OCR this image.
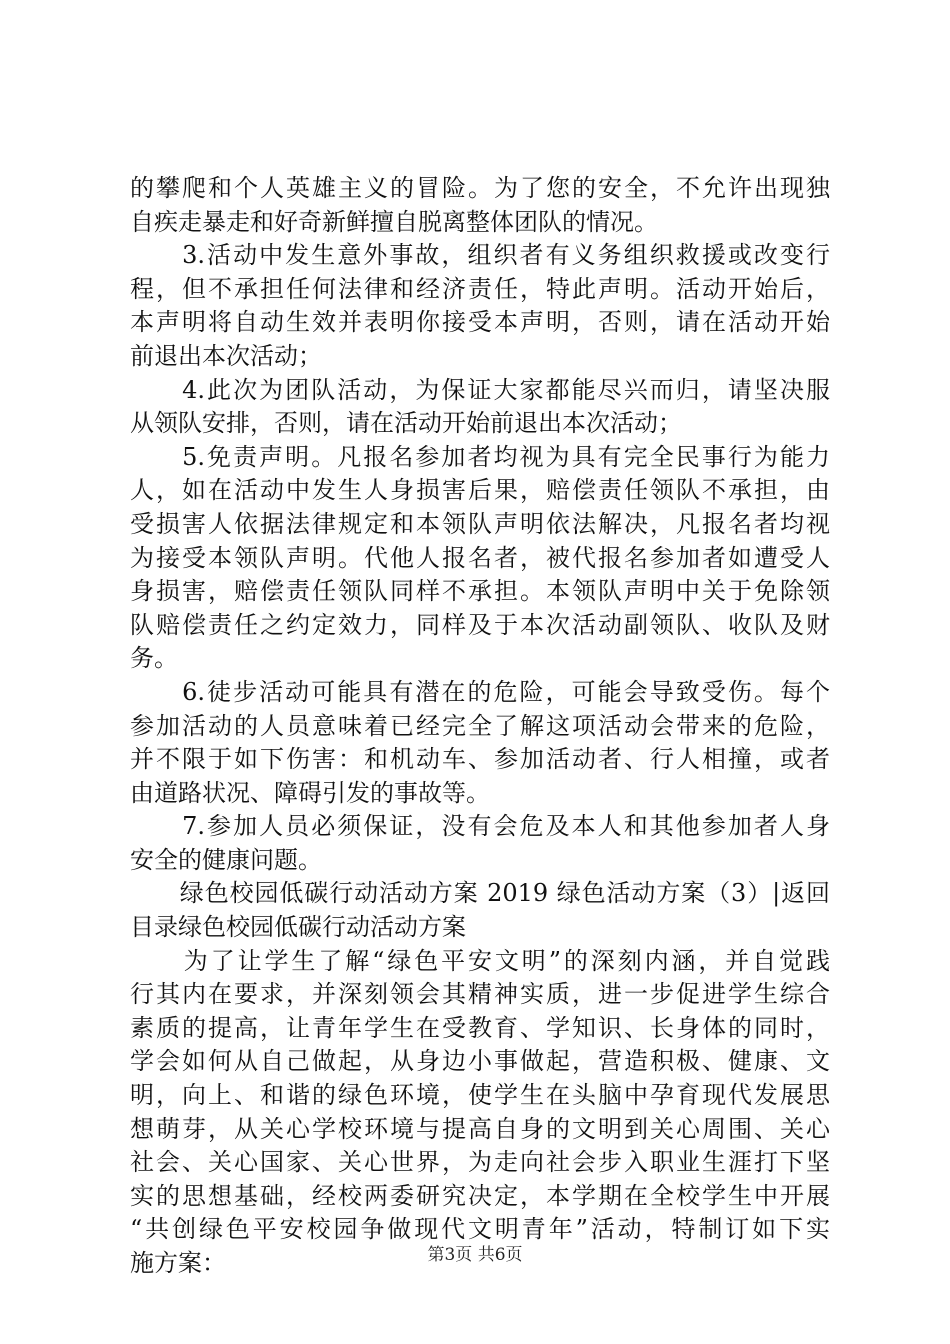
的攀爬和个人英雄主义的冒险。为了您的安全，不允许出现独
自疾走暴走和好奇新鲜擅自脱离整体团队的情况。
　　3.活动中发生意外事故，组织者有义务组织救援或改变行
程，但不承担任何法律和经济责任，特此声明。活动开始后，
本声明将自动生效并表明你接受本声明，否则，请在活动开始
前退出本次活动；
　　4.此次为团队活动，为保证大家都能尽兴而归，请坚决服
从领队安排，否则，请在活动开始前退出本次活动；
　　5.免责声明。凡报名参加者均视为具有完全民事行为能力
人，如在活动中发生人身损害后果，赔偿责任领队不承担，由
受损害人依据法律规定和本领队声明依法解决，凡报名者均视
为接受本领队声明。代他人报名者，被代报名参加者如遭受人
身损害，赔偿责任领队同样不承担。本领队声明中关于免除领
队赔偿责任之约定效力，同样及于本次活动副领队、收队及财
务。
　　6.徒步活动可能具有潜在的危险，可能会导致受伤。每个
参加活动的人员意味着已经完全了解这项活动会带来的危险，
并不限于如下伤害：和机动车、参加活动者、行人相撞，或者
由道路状况、障碍引发的事故等。
　　7.参加人员必须保证，没有会危及本人和其他参加者人身
安全的健康问题。
　　绿色校园低碳行动活动方案 2019 绿色活动方案（3）|返回
目录绿色校园低碳行动活动方案
　　为了让学生了解“绿色平安文明”的深刻内涵，并自觉践
行其内在要求，并深刻领会其精神实质，进一步促进学生综合
素质的提高，让青年学生在受教育、学知识、长身体的同时，
学会如何从自己做起，从身边小事做起，营造积极、健康、文
明，向上、和谐的绿色环境，使学生在头脑中孕育现代发展思
想萌芽，从关心学校环境与提高自身的文明到关心周围、关心
社会、关心国家、关心世界，为走向社会步入职业生涯打下坚
实的思想基础，经校两委研究决定，本学期在全校学生中开展
“共创绿色平安校园争做现代文明青年”活动，特制订如下实
施方案：	第3页 共6页
